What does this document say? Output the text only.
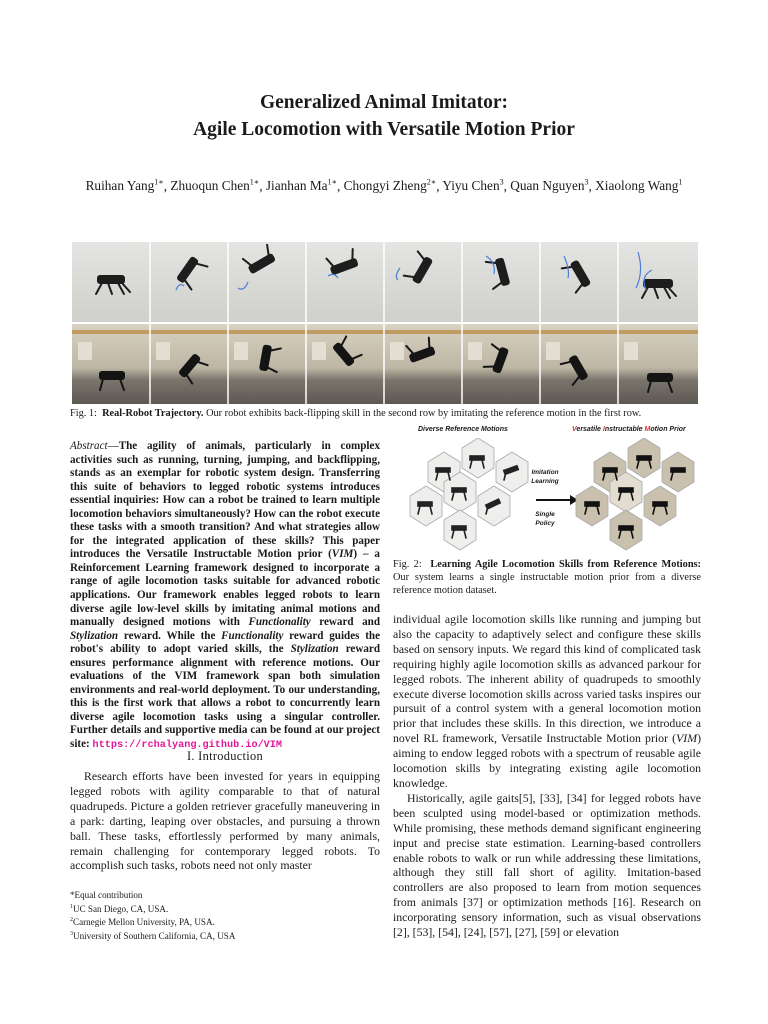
Generalized Animal Imitator:
Agile Locomotion with Versatile Motion Prior
Ruihan Yang$^{1∗}$, Zhuoqun Chen$^{1∗}$, Jianhan $Ma^{1∗}$, Chongyi Zheng$^{2∗}$, Yiyu Chen$^3$, Quan Nguyen$^3$, Xiaolong Wang$^1$
Fig. 1: Real-Robot Trajectory. Our robot exhibits back-flipping skill in the second row by imitating the reference motion in the first row.
Diverse Reference Motions	Versatile Instructable Motion Prior
Imitation
Learning
Single
Policy
Fig. 2: Learning Agile Locomotion Skills from Reference Motions: Our system learns a single instructable motion prior from a diverse reference motion dataset.
Abstract—The agility of animals, particularly in complex activities such as running, turning, jumping, and backflipping, stands as an exemplar for robotic system design. Transferring this suite of behaviors to legged robotic systems introduces essential inquiries: How can a robot be trained to learn multiple locomotion behaviors simultaneously? How can the robot execute these tasks with a smooth transition? And what strategies allow for the integrated application of these skills? This paper introduces the Versatile Instructable Motion prior (VIM) – a Reinforcement Learning framework designed to incorporate a range of agile locomotion tasks suitable for advanced robotic applications. Our framework enables legged robots to learn diverse agile low-level skills by imitating animal motions and manually designed motions with Functionality reward and Stylization reward. While the Functionality reward guides the robot's ability to adopt varied skills, the Stylization reward ensures performance alignment with reference motions. Our evaluations of the VIM framework span both simulation environments and real-world deployment. To our understanding, this is the first work that allows a robot to concurrently learn diverse agile locomotion tasks using a singular controller. Further details and supportive media can be found at our project site: https://rchalyang.github.io/VIM
I. Introduction

Research efforts have been invested for years in equipping legged robots with agility comparable to that of natural quadrupeds. Picture a golden retriever gracefully maneuvering in a park: darting, leaping over obstacles, and pursuing a thrown ball. These tasks, effortlessly performed by many animals, remain challenging for contemporary legged robots. To accomplish such tasks, robots need not only master

*Equal contribution
$^1$UC San Diego, CA, USA.
$^2$Carnegie Mellon University, PA, USA.
$^3$University of Southern California, CA, USA

individual agile locomotion skills like running and jumping but also the capacity to adaptively select and configure these skills based on sensory inputs. We regard this kind of complicated task requiring highly agile locomotion skills as advanced parkour for legged robots. The inherent ability of quadrupeds to smoothly execute diverse locomotion skills across varied tasks inspires our pursuit of a control system with a general locomotion motion prior that includes these skills. In this direction, we introduce a novel RL framework, Versatile Instructable Motion prior (VIM) aiming to endow legged robots with a spectrum of reusable agile locomotion skills by integrating existing agile locomotion knowledge.

Historically, agile gaits[5], [33], [34] for legged robots have been sculpted using model-based or optimization methods. While promising, these methods demand significant engineering input and precise state estimation. Learning-based controllers enable robots to walk or run while addressing these limitations, although they still fall short of agility. Imitation-based controllers are also proposed to learn from motion sequences from animals [37] or optimization methods [16]. Research on incorporating sensory information, such as visual observations [2], [53], [54], [24], [57], [27], [59] or elevation
